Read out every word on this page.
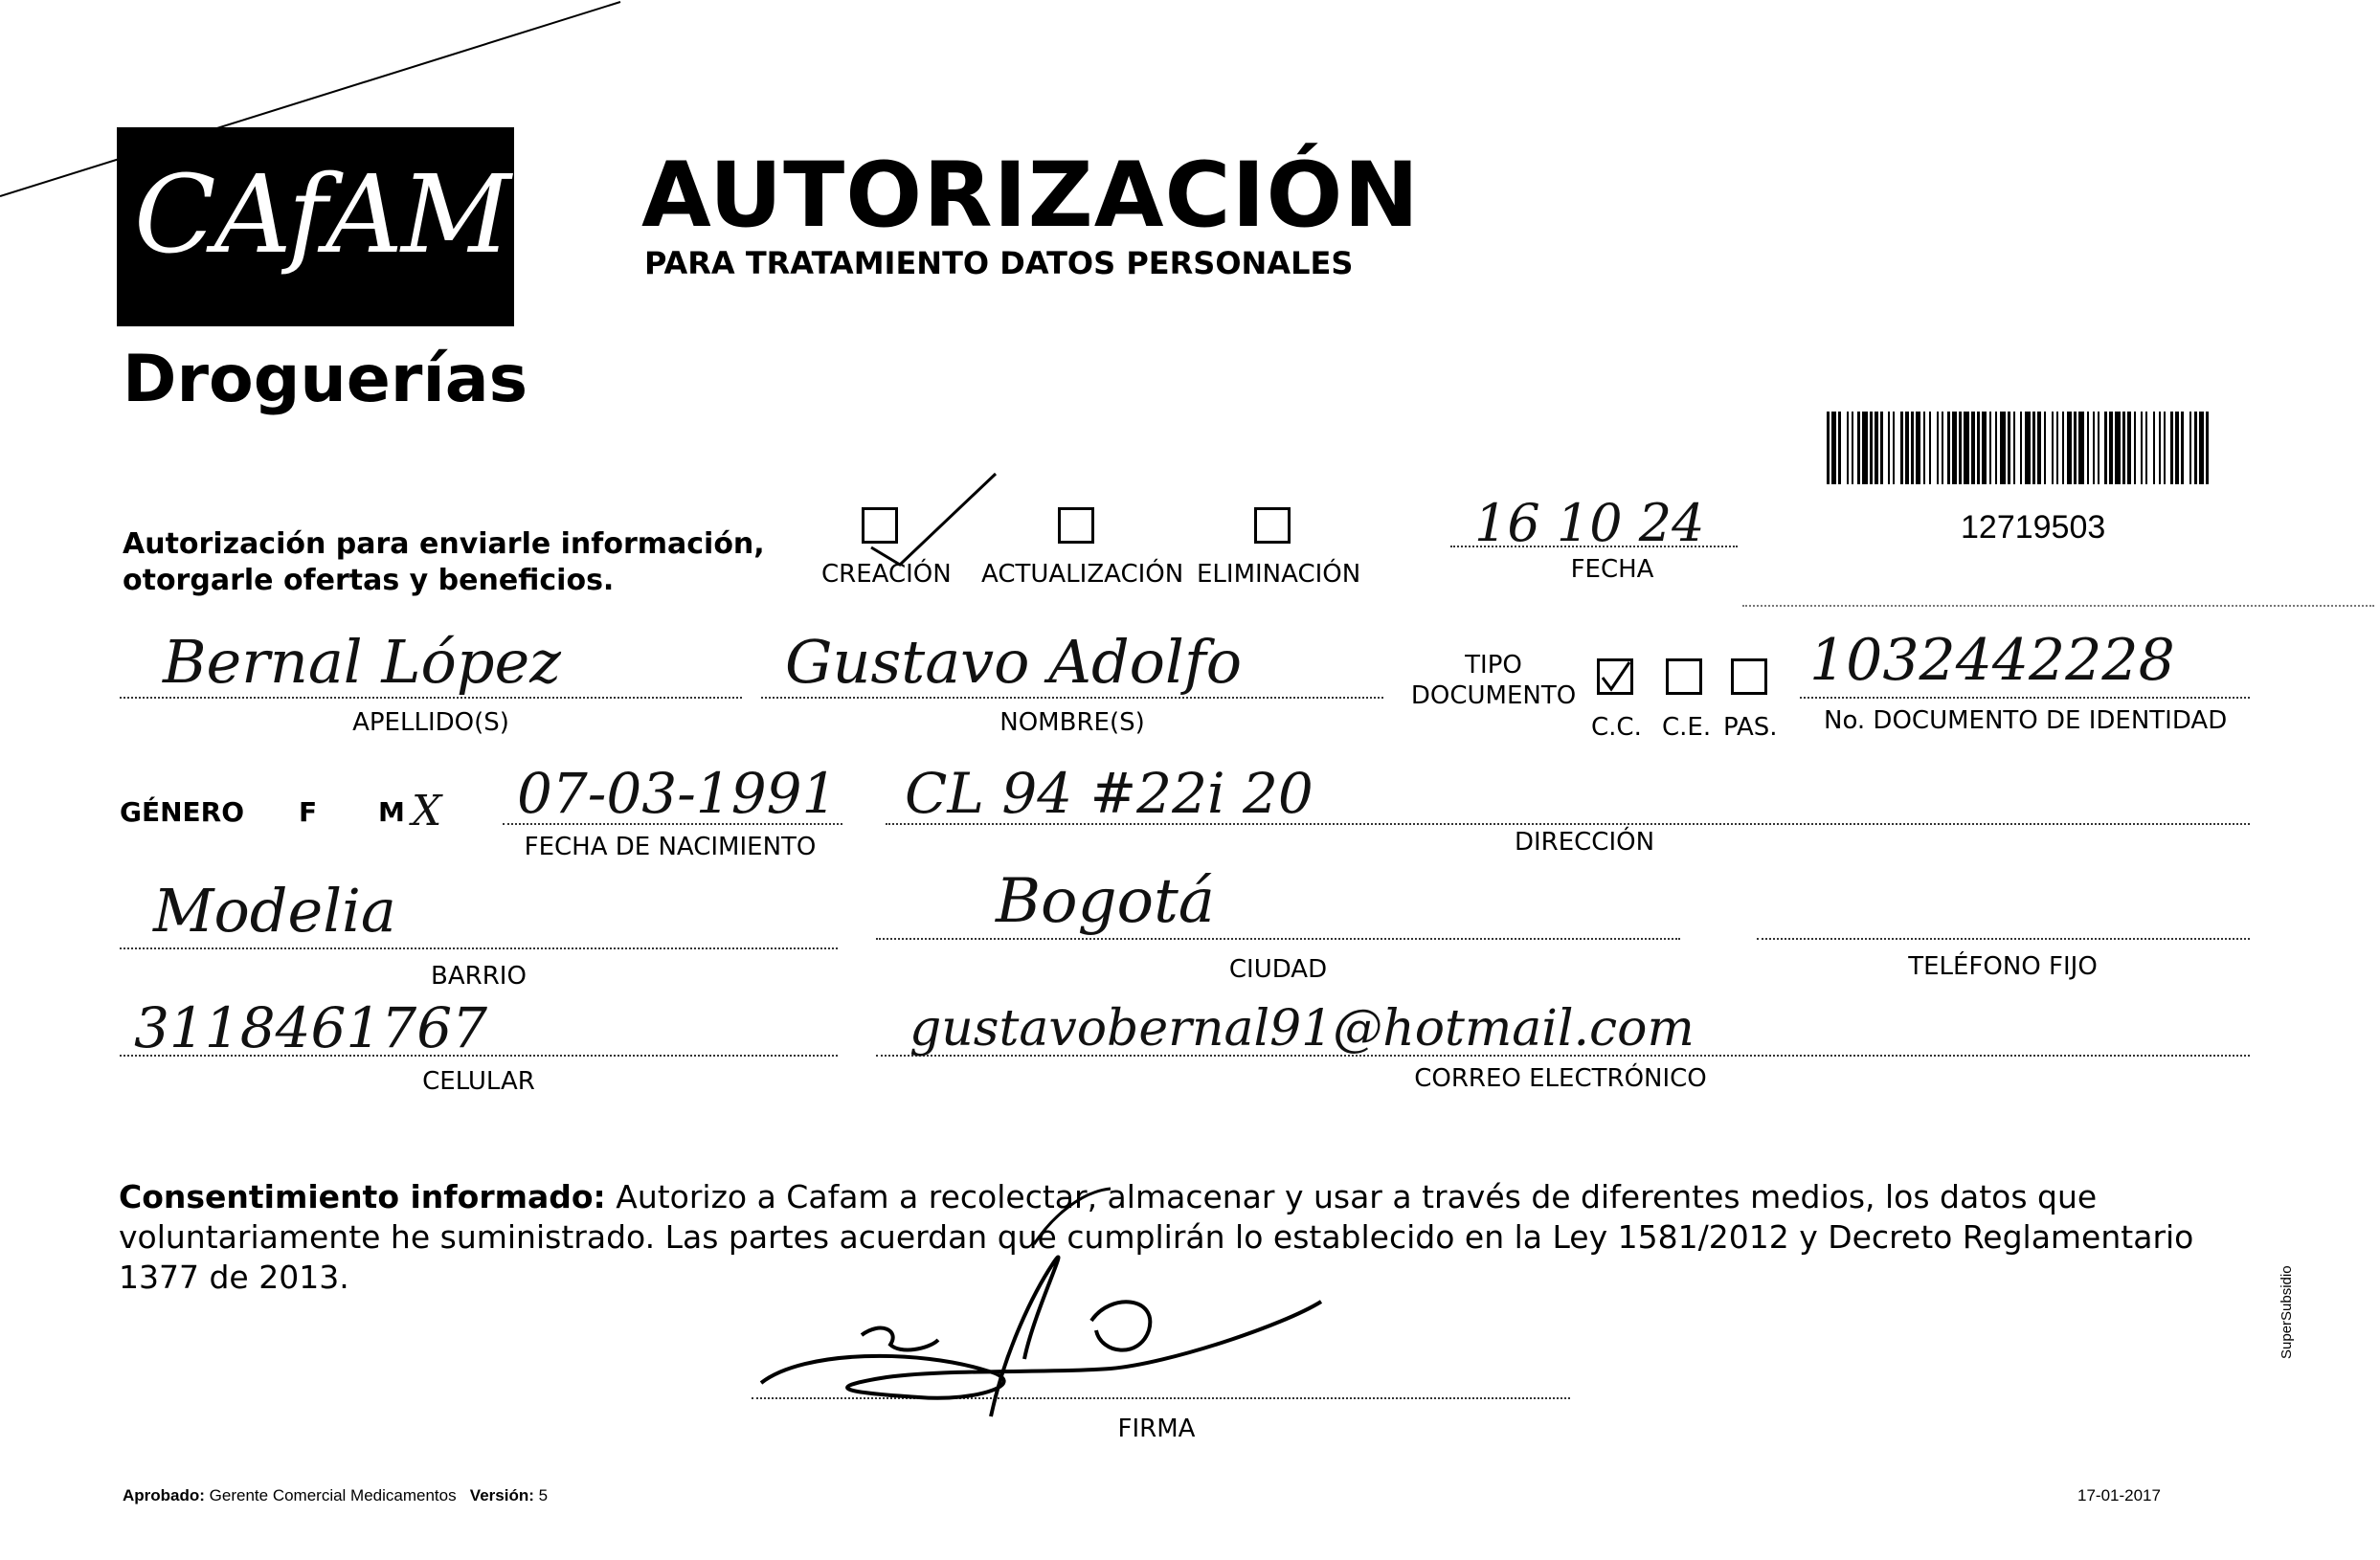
CAfAM
Droguerías
AUTORIZACIÓN
PARA TRATAMIENTO DATOS PERSONALES
12719503
Autorización para enviarle información,
otorgarle ofertas y beneficios.	CREACIÓN ACTUALIZACIÓN ELIMINACIÓN
16 10 24
FECHA
Bernal López
APELLIDO(S)
Gustavo Adolfo
NOMBRE(S)
TIPO
DOCUMENTO
C.C. C.E. PAS.
1032442228
No. DOCUMENTO DE IDENTIDAD
GÉNERO F M X 07-03-1991
FECHA DE NACIMIENTO
CL 94 #22i 20
DIRECCIÓN
Modelia
BARRIO
Bogotá
CIUDAD	TELÉFONO FIJO
3118461767
CELULAR
gustavobernal91@hotmail.com
CORREO ELECTRÓNICO
Consentimiento informado: Autorizo a Cafam a recolectar, almacenar y usar a través de diferentes medios, los datos que voluntariamente he suministrado. Las partes acuerdan que cumplirán lo establecido en la Ley 1581/2012 y Decreto Reglamentario 1377 de 2013.
FIRMA
Aprobado: Gerente Comercial Medicamentos Versión: 5	17-01-2017
SuperSubsidio
